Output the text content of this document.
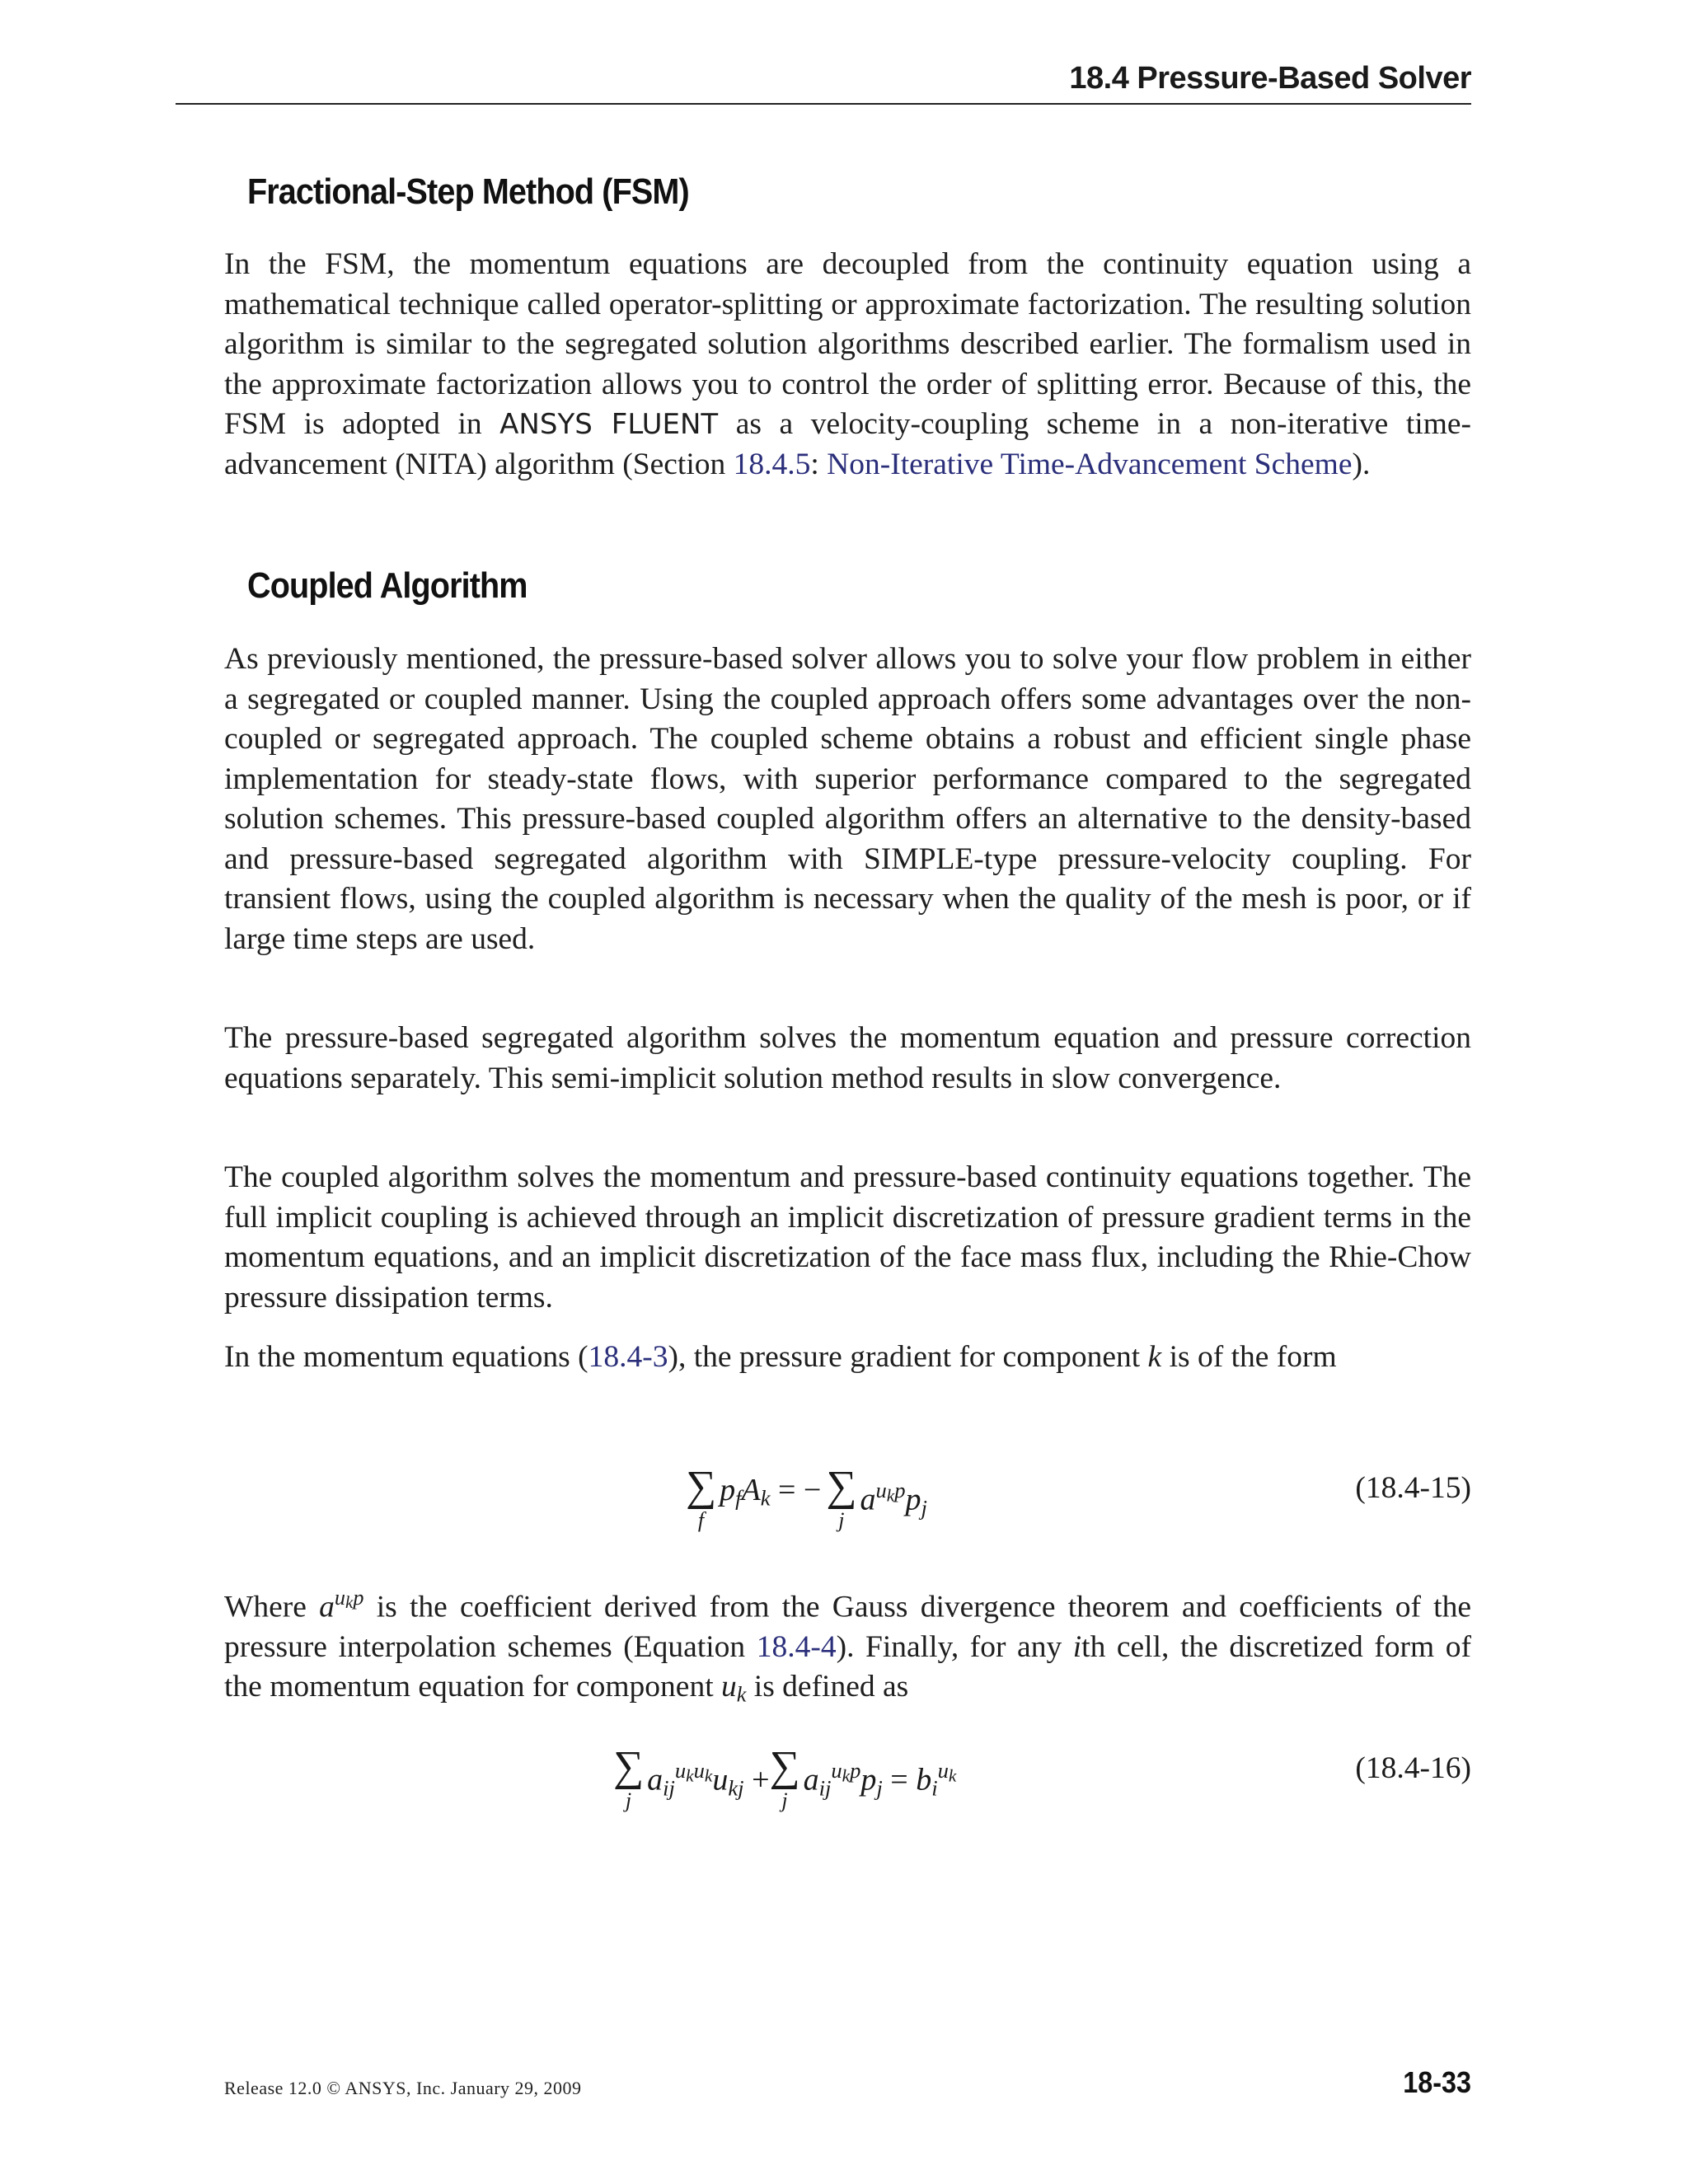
18.4 Pressure-Based Solver
Fractional-Step Method (FSM)

In the FSM, the momentum equations are decoupled from the continuity equation using a mathematical technique called operator-splitting or approximate factorization. The resulting solution algorithm is similar to the segregated solution algorithms described earlier. The formalism used in the approximate factorization allows you to control the order of splitting error. Because of this, the FSM is adopted in ANSYS FLUENT as a velocity-coupling scheme in a non-iterative time-advancement (NITA) algorithm (Section 18.4.5: Non-Iterative Time-Advancement Scheme).

Coupled Algorithm

As previously mentioned, the pressure-based solver allows you to solve your flow problem in either a segregated or coupled manner. Using the coupled approach offers some advantages over the non-coupled or segregated approach. The coupled scheme obtains a robust and efficient single phase implementation for steady-state flows, with superior performance compared to the segregated solution schemes. This pressure-based coupled algorithm offers an alternative to the density-based and pressure-based segregated algorithm with SIMPLE-type pressure-velocity coupling. For transient flows, using the coupled algorithm is necessary when the quality of the mesh is poor, or if large time steps are used.

The pressure-based segregated algorithm solves the momentum equation and pressure correction equations separately. This semi-implicit solution method results in slow convergence.

The coupled algorithm solves the momentum and pressure-based continuity equations together. The full implicit coupling is achieved through an implicit discretization of pressure gradient terms in the momentum equations, and an implicit discretization of the face mass flux, including the Rhie-Chow pressure dissipation terms.

In the momentum equations (18.4-3), the pressure gradient for component k is of the form

∑
f
$p_fA_k$ = − ∑
j
$a^{ukp}p_j$
(18.4-15)

Where $a^{ukp}$ is the coefficient derived from the Gauss divergence theorem and coefficients of the pressure interpolation schemes (Equation 18.4-4). Finally, for any ith cell, the discretized form of the momentum equation for component $u_k$ is defined as

∑
j
$a_{ij}^{ukuk}u_{kj}$ + ∑
j
$a_{ij}^{ukp}p_j = b_i^{uk}$	(18.4-16)
Release 12.0 © ANSYS, Inc. January 29, 2009	18-33
